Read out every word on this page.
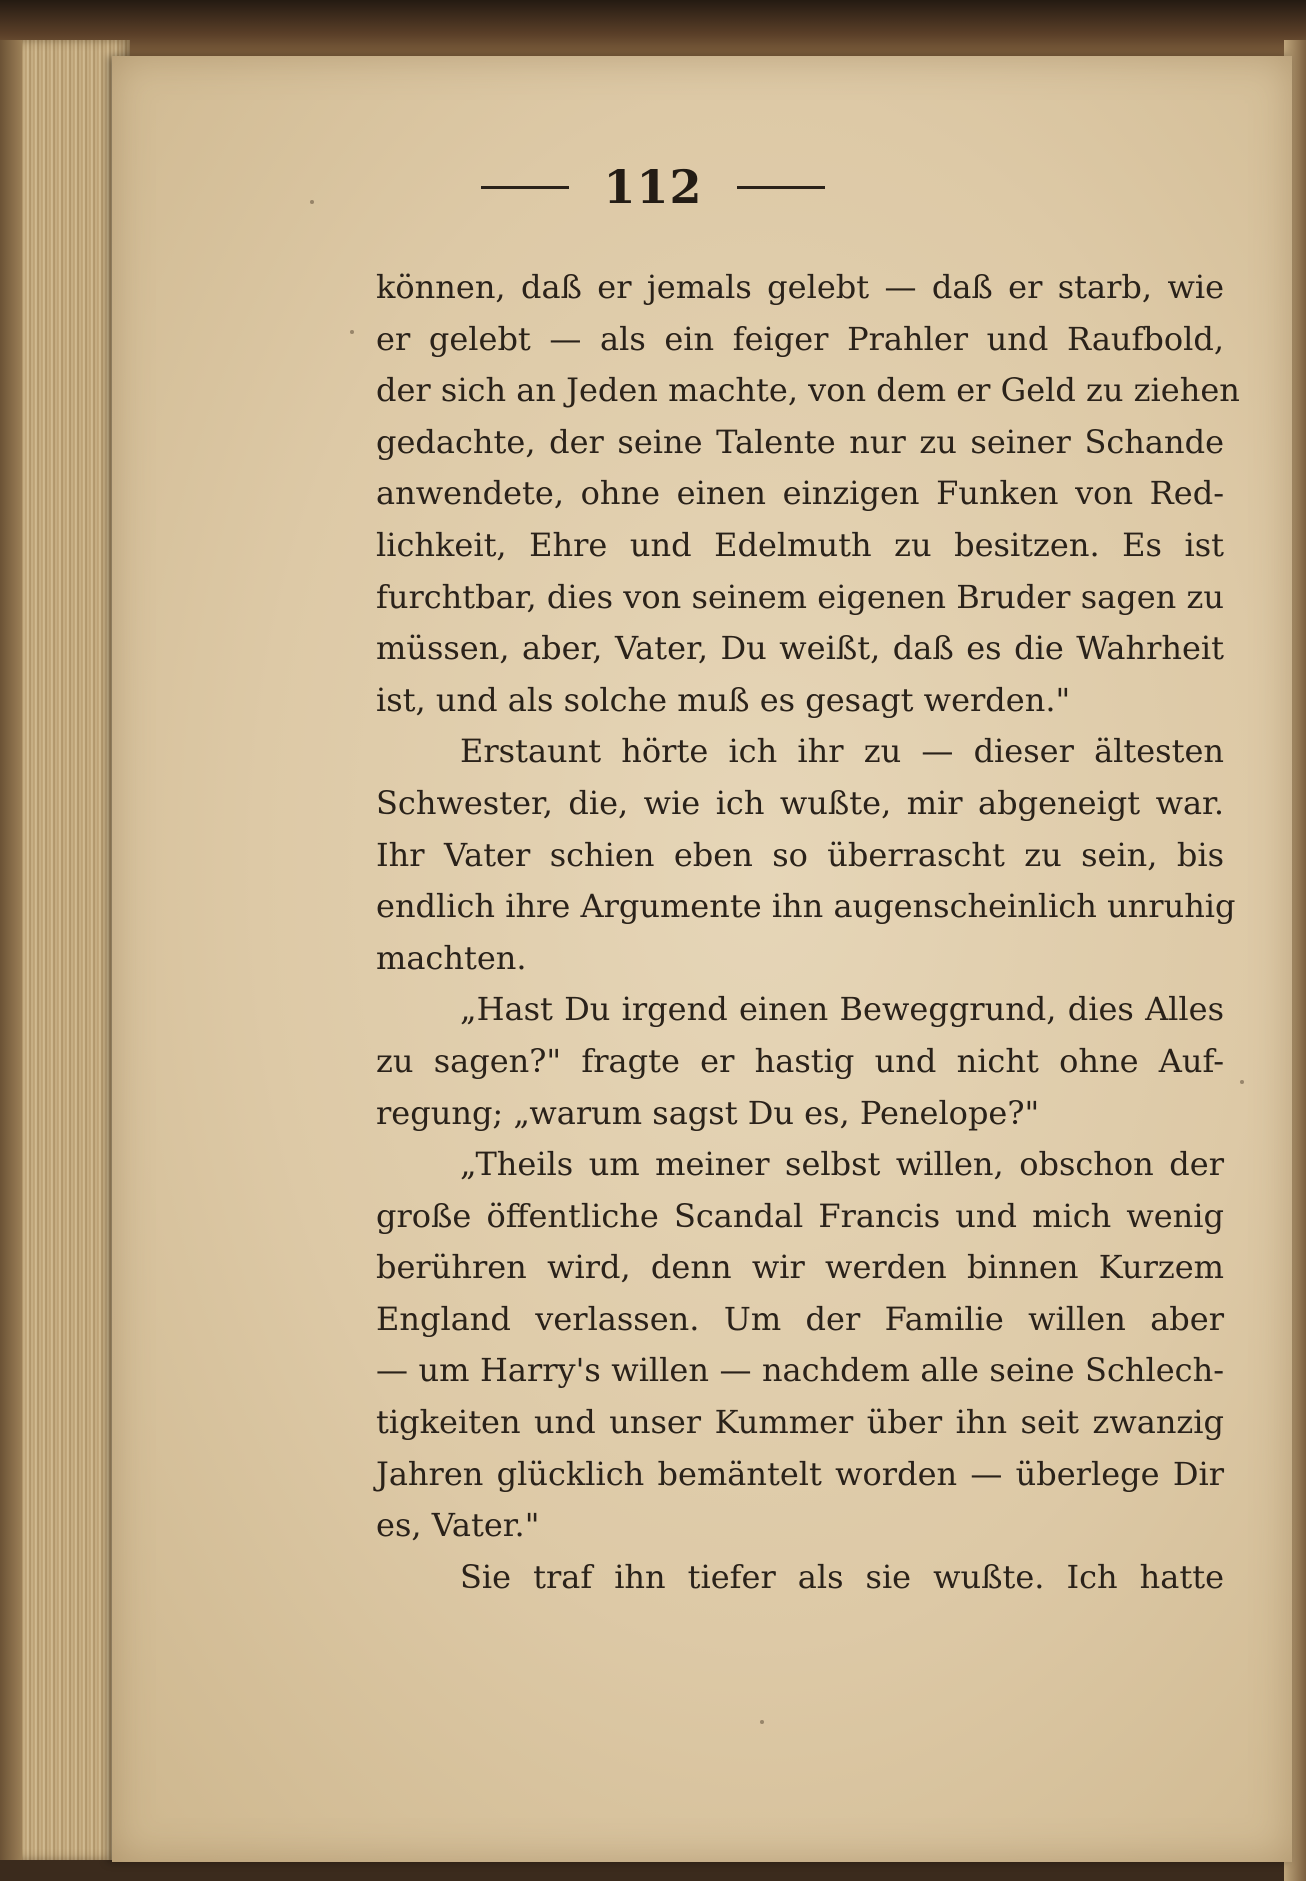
112
können, daß er jemals gelebt — daß er starb, wie
er gelebt — als ein feiger Prahler und Raufbold,
der sich an Jeden machte, von dem er Geld zu ziehen
gedachte, der seine Talente nur zu seiner Schande
anwendete, ohne einen einzigen Funken von Red-
lichkeit, Ehre und Edelmuth zu besitzen. Es ist
furchtbar, dies von seinem eigenen Bruder sagen zu
müssen, aber, Vater, Du weißt, daß es die Wahrheit
ist, und als solche muß es gesagt werden."
Erstaunt hörte ich ihr zu — dieser ältesten
Schwester, die, wie ich wußte, mir abgeneigt war.
Ihr Vater schien eben so überrascht zu sein, bis
endlich ihre Argumente ihn augenscheinlich unruhig
machten.
„Hast Du irgend einen Beweggrund, dies Alles
zu sagen?" fragte er hastig und nicht ohne Auf-
regung; „warum sagst Du es, Penelope?"
„Theils um meiner selbst willen, obschon der
große öffentliche Scandal Francis und mich wenig
berühren wird, denn wir werden binnen Kurzem
England verlassen. Um der Familie willen aber
— um Harry's willen — nachdem alle seine Schlech-
tigkeiten und unser Kummer über ihn seit zwanzig
Jahren glücklich bemäntelt worden — überlege Dir
es, Vater."
Sie traf ihn tiefer als sie wußte. Ich hatte
